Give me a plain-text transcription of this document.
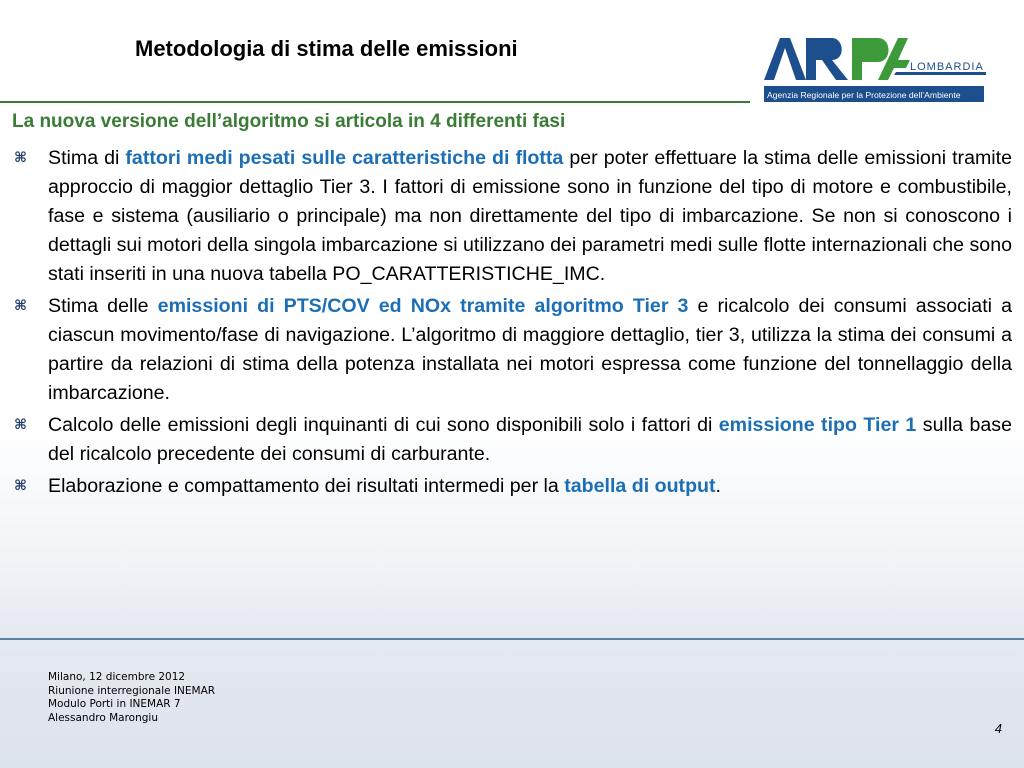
Metodologia di stima delle emissioni
LOMBARDIA
Agenzia Regionale per la Protezione dell’Ambiente
La nuova versione dell’algoritmo si articola in 4 differenti fasi
⌘	Stima di fattori medi pesati sulle caratteristiche di flotta per poter effettuare la stima delle emissioni tramite approccio di maggior dettaglio Tier 3. I fattori di emissione sono in funzione del tipo di motore e combustibile, fase e sistema (ausiliario o principale) ma non direttamente del tipo di imbarcazione. Se non si conoscono i dettagli sui motori della singola imbarcazione si utilizzano dei parametri medi sulle flotte internazionali che sono stati inseriti in una nuova tabella PO_CARATTERISTICHE_IMC.
⌘	Stima delle emissioni di PTS/COV ed NOx tramite algoritmo Tier 3 e ricalcolo dei consumi associati a ciascun movimento/fase di navigazione. L’algoritmo di maggiore dettaglio, tier 3, utilizza la stima dei consumi a partire da relazioni di stima della potenza installata nei motori espressa come funzione del tonnellaggio della imbarcazione.
⌘	Calcolo delle emissioni degli inquinanti di cui sono disponibili solo i fattori di emissione tipo Tier 1 sulla base del ricalcolo precedente dei consumi di carburante.
⌘	Elaborazione e compattamento dei risultati intermedi per la tabella di output.
Milano, 12 dicembre 2012
Riunione interregionale INEMAR
Modulo Porti in INEMAR 7
Alessandro Marongiu
4
